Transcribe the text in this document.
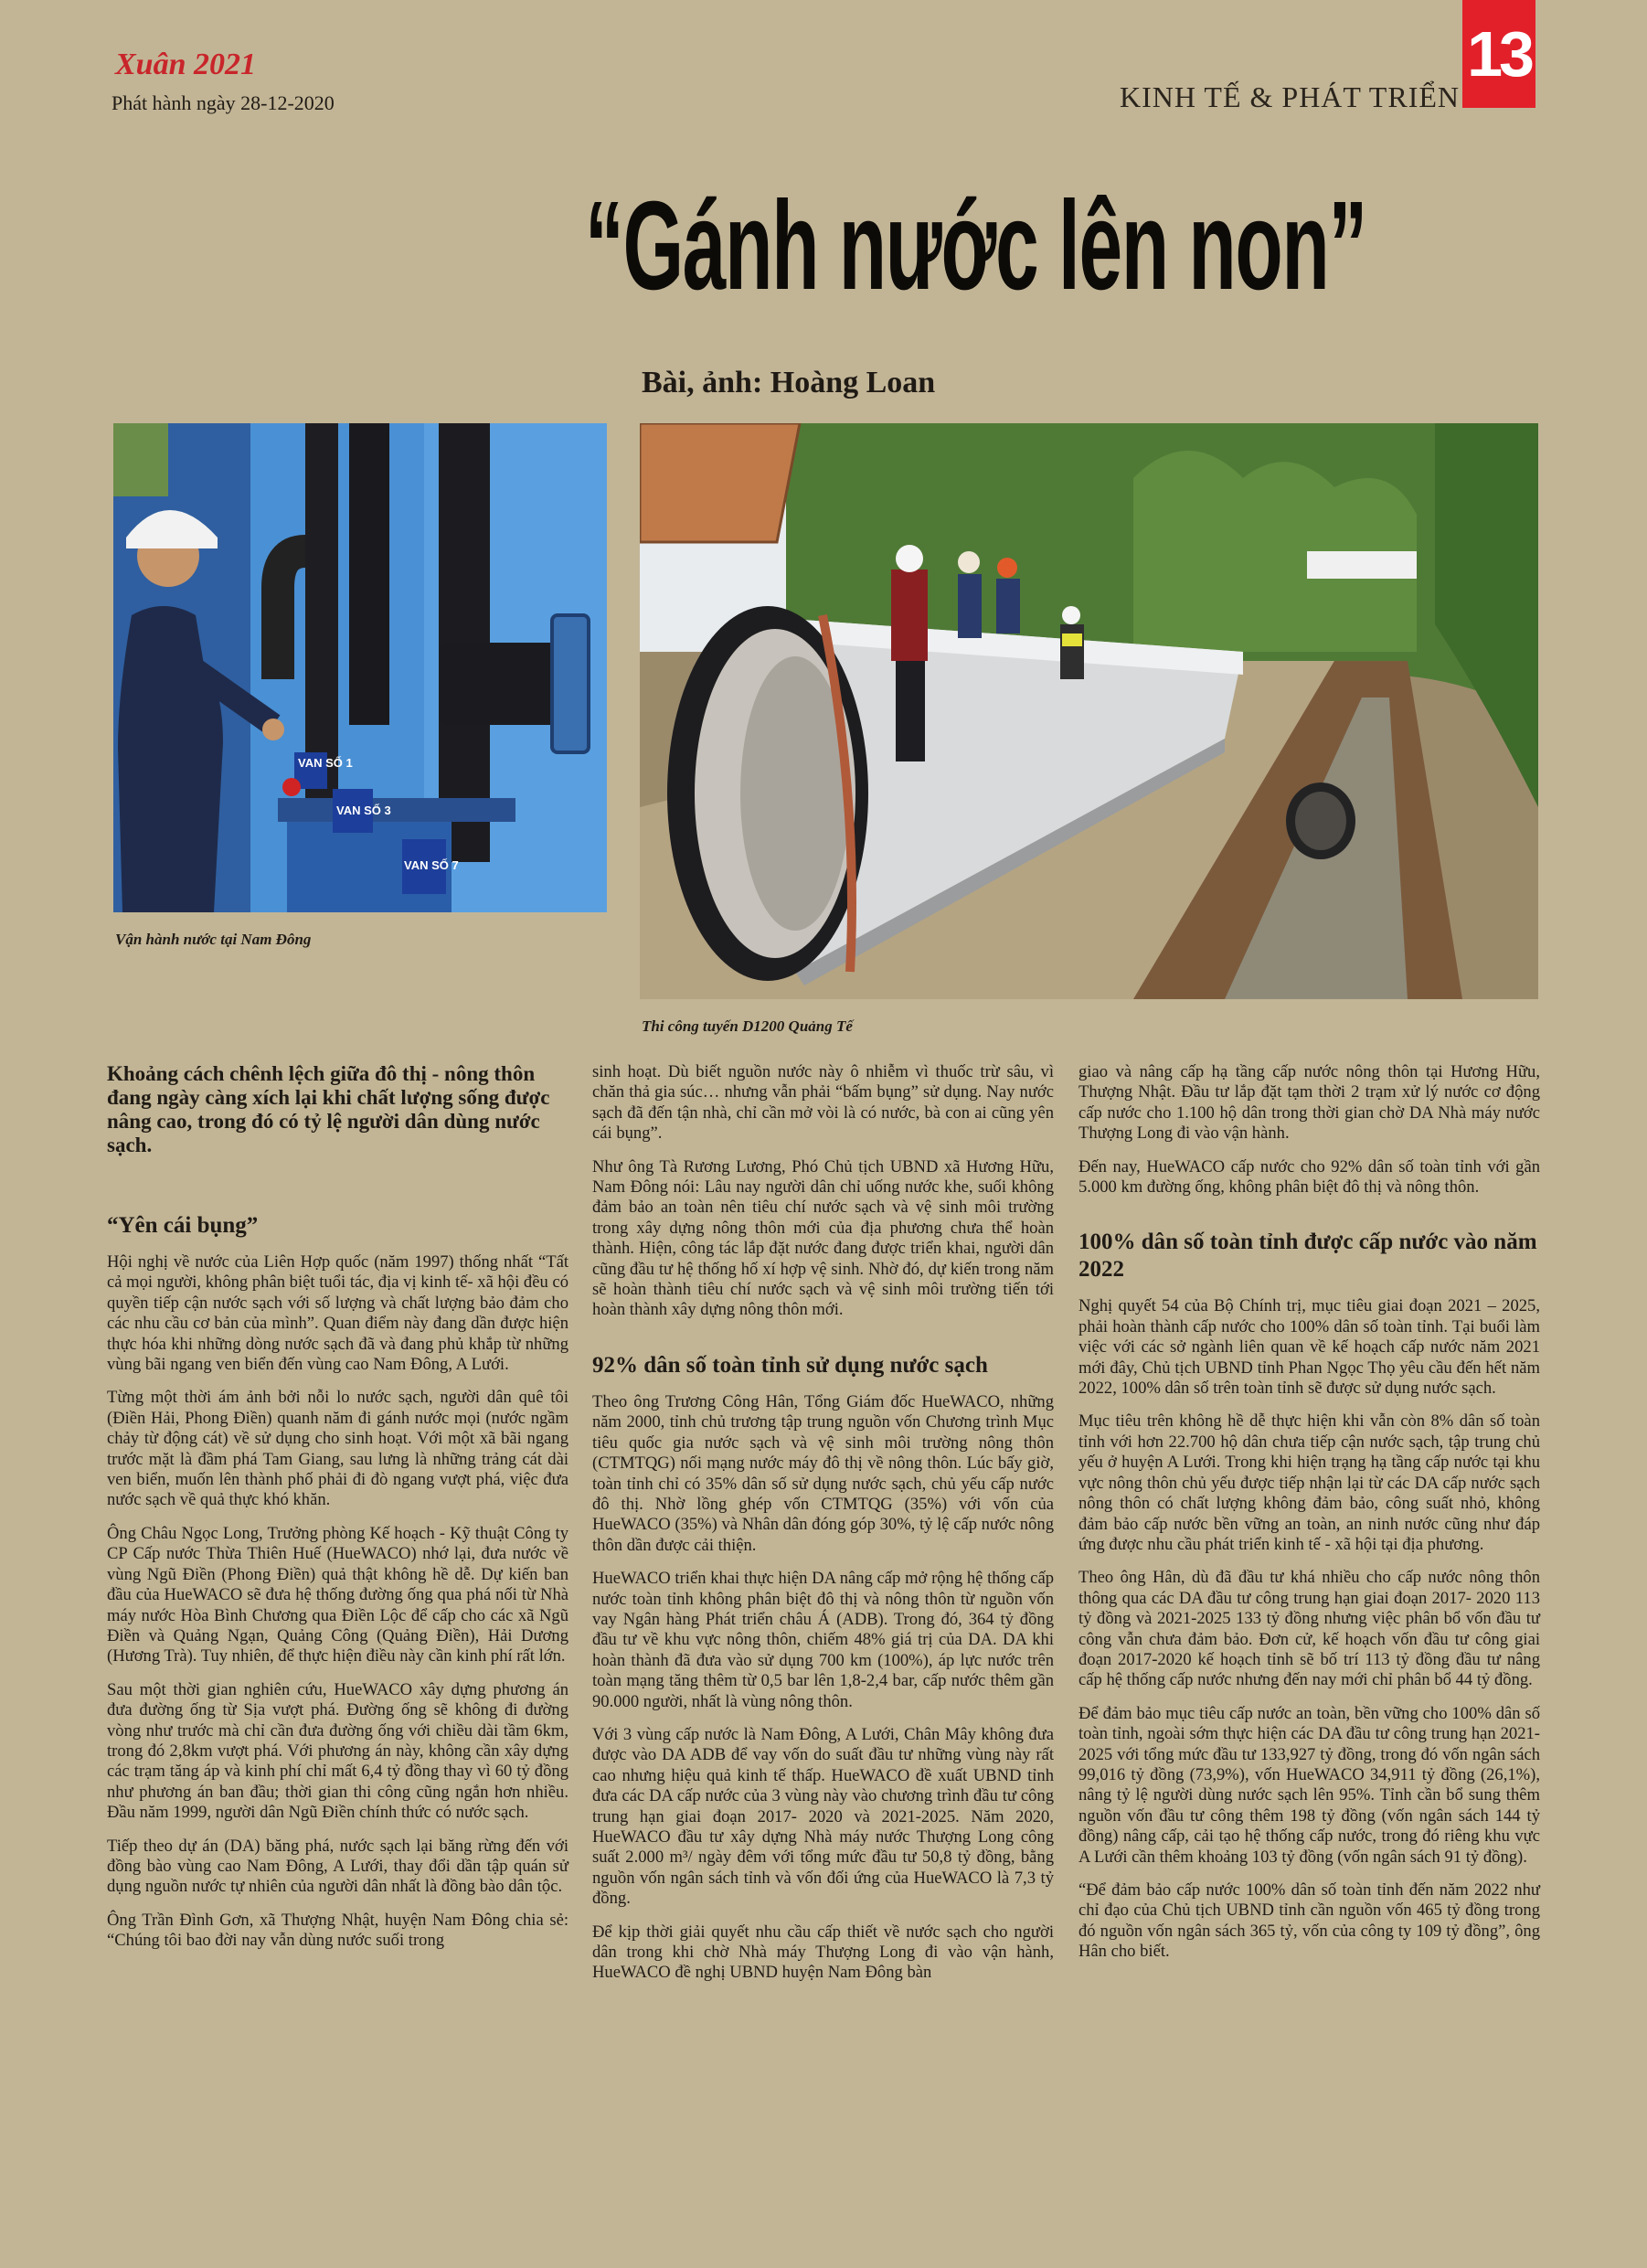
Xuân 2021
Phát hành ngày 28-12-2020	KINH TẾ & PHÁT TRIỂN
13
“Gánh nước lên non”
Bài, ảnh: Hoàng Loan
VAN SỐ 1
VAN SỐ 3
VAN SỐ 7
Vận hành nước tại Nam Đông
Thi công tuyến D1200 Quảng Tế

Khoảng cách chênh lệch giữa đô thị - nông thôn đang ngày càng xích lại khi chất lượng sống được nâng cao, trong đó có tỷ lệ người dân dùng nước sạch.

“Yên cái bụng”

Hội nghị về nước của Liên Hợp quốc (năm 1997) thống nhất “Tất cả mọi người, không phân biệt tuổi tác, địa vị kinh tế- xã hội đều có quyền tiếp cận nước sạch với số lượng và chất lượng bảo đảm cho các nhu cầu cơ bản của mình”. Quan điểm này đang dần được hiện thực hóa khi những dòng nước sạch đã và đang phủ khắp từ những vùng bãi ngang ven biển đến vùng cao Nam Đông, A Lưới.

Từng một thời ám ảnh bởi nỗi lo nước sạch, người dân quê tôi (Điền Hải, Phong Điền) quanh năm đi gánh nước mọi (nước ngầm chảy từ động cát) về sử dụng cho sinh hoạt. Với một xã bãi ngang trước mặt là đầm phá Tam Giang, sau lưng là những trảng cát dài ven biển, muốn lên thành phố phải đi đò ngang vượt phá, việc đưa nước sạch về quả thực khó khăn.

Ông Châu Ngọc Long, Trưởng phòng Kế hoạch - Kỹ thuật Công ty CP Cấp nước Thừa Thiên Huế (HueWACO) nhớ lại, đưa nước về vùng Ngũ Điền (Phong Điền) quả thật không hề dễ. Dự kiến ban đầu của HueWACO sẽ đưa hệ thống đường ống qua phá nối từ Nhà máy nước Hòa Bình Chương qua Điền Lộc để cấp cho các xã Ngũ Điền và Quảng Ngạn, Quảng Công (Quảng Điền), Hải Dương (Hương Trà). Tuy nhiên, để thực hiện điều này cần kinh phí rất lớn.

Sau một thời gian nghiên cứu, HueWACO xây dựng phương án đưa đường ống từ Sịa vượt phá. Đường ống sẽ không đi đường vòng như trước mà chỉ cần đưa đường ống với chiều dài tầm 6km, trong đó 2,8km vượt phá. Với phương án này, không cần xây dựng các trạm tăng áp và kinh phí chỉ mất 6,4 tỷ đồng thay vì 60 tỷ đồng như phương án ban đầu; thời gian thi công cũng ngắn hơn nhiều. Đầu năm 1999, người dân Ngũ Điền chính thức có nước sạch.

Tiếp theo dự án (DA) băng phá, nước sạch lại băng rừng đến với đồng bào vùng cao Nam Đông, A Lưới, thay đổi dần tập quán sử dụng nguồn nước tự nhiên của người dân nhất là đồng bào dân tộc.

Ông Trần Đình Gơn, xã Thượng Nhật, huyện Nam Đông chia sẻ: “Chúng tôi bao đời nay vẫn dùng nước suối trong

sinh hoạt. Dù biết nguồn nước này ô nhiễm vì thuốc trừ sâu, vì chăn thả gia súc… nhưng vẫn phải “bấm bụng” sử dụng. Nay nước sạch đã đến tận nhà, chỉ cần mở vòi là có nước, bà con ai cũng yên cái bụng”.

Như ông Tà Rương Lương, Phó Chủ tịch UBND xã Hương Hữu, Nam Đông nói: Lâu nay người dân chỉ uống nước khe, suối không đảm bảo an toàn nên tiêu chí nước sạch và vệ sinh môi trường trong xây dựng nông thôn mới của địa phương chưa thể hoàn thành. Hiện, công tác lắp đặt nước đang được triển khai, người dân cũng đầu tư hệ thống hố xí hợp vệ sinh. Nhờ đó, dự kiến trong năm sẽ hoàn thành tiêu chí nước sạch và vệ sinh môi trường tiến tới hoàn thành xây dựng nông thôn mới.

92% dân số toàn tỉnh sử dụng nước sạch

Theo ông Trương Công Hân, Tổng Giám đốc HueWACO, những năm 2000, tỉnh chủ trương tập trung nguồn vốn Chương trình Mục tiêu quốc gia nước sạch và vệ sinh môi trường nông thôn (CTMTQG) nối mạng nước máy đô thị về nông thôn. Lúc bấy giờ, toàn tỉnh chỉ có 35% dân số sử dụng nước sạch, chủ yếu cấp nước đô thị. Nhờ lồng ghép vốn CTMTQG (35%) với vốn của HueWACO (35%) và Nhân dân đóng góp 30%, tỷ lệ cấp nước nông thôn dần được cải thiện.

HueWACO triển khai thực hiện DA nâng cấp mở rộng hệ thống cấp nước toàn tỉnh không phân biệt đô thị và nông thôn từ nguồn vốn vay Ngân hàng Phát triển châu Á (ADB). Trong đó, 364 tỷ đồng đầu tư về khu vực nông thôn, chiếm 48% giá trị của DA. DA khi hoàn thành đã đưa vào sử dụng 700 km (100%), áp lực nước trên toàn mạng tăng thêm từ 0,5 bar lên 1,8-2,4 bar, cấp nước thêm gần 90.000 người, nhất là vùng nông thôn.

Với 3 vùng cấp nước là Nam Đông, A Lưới, Chân Mây không đưa được vào DA ADB để vay vốn do suất đầu tư những vùng này rất cao nhưng hiệu quả kinh tế thấp. HueWACO đề xuất UBND tỉnh đưa các DA cấp nước của 3 vùng này vào chương trình đầu tư công trung hạn giai đoạn 2017- 2020 và 2021-2025. Năm 2020, HueWACO đầu tư xây dựng Nhà máy nước Thượng Long công suất 2.000 m³/ ngày đêm với tổng mức đầu tư 50,8 tỷ đồng, bằng nguồn vốn ngân sách tỉnh và vốn đối ứng của HueWACO là 7,3 tỷ đồng.

Để kịp thời giải quyết nhu cầu cấp thiết về nước sạch cho người dân trong khi chờ Nhà máy Thượng Long đi vào vận hành, HueWACO đề nghị UBND huyện Nam Đông bàn

giao và nâng cấp hạ tầng cấp nước nông thôn tại Hương Hữu, Thượng Nhật. Đầu tư lắp đặt tạm thời 2 trạm xử lý nước cơ động cấp nước cho 1.100 hộ dân trong thời gian chờ DA Nhà máy nước Thượng Long đi vào vận hành.

Đến nay, HueWACO cấp nước cho 92% dân số toàn tỉnh với gần 5.000 km đường ống, không phân biệt đô thị và nông thôn.

100% dân số toàn tỉnh được cấp nước vào năm 2022

Nghị quyết 54 của Bộ Chính trị, mục tiêu giai đoạn 2021 – 2025, phải hoàn thành cấp nước cho 100% dân số toàn tỉnh. Tại buổi làm việc với các sở ngành liên quan về kế hoạch cấp nước năm 2021 mới đây, Chủ tịch UBND tỉnh Phan Ngọc Thọ yêu cầu đến hết năm 2022, 100% dân số trên toàn tỉnh sẽ được sử dụng nước sạch.

Mục tiêu trên không hề dễ thực hiện khi vẫn còn 8% dân số toàn tỉnh với hơn 22.700 hộ dân chưa tiếp cận nước sạch, tập trung chủ yếu ở huyện A Lưới. Trong khi hiện trạng hạ tầng cấp nước tại khu vực nông thôn chủ yếu được tiếp nhận lại từ các DA cấp nước sạch nông thôn có chất lượng không đảm bảo, công suất nhỏ, không đảm bảo cấp nước bền vững an toàn, an ninh nước cũng như đáp ứng được nhu cầu phát triển kinh tế - xã hội tại địa phương.

Theo ông Hân, dù đã đầu tư khá nhiều cho cấp nước nông thôn thông qua các DA đầu tư công trung hạn giai đoạn 2017- 2020 113 tỷ đồng và 2021-2025 133 tỷ đồng nhưng việc phân bổ vốn đầu tư công vẫn chưa đảm bảo. Đơn cử, kế hoạch vốn đầu tư công giai đoạn 2017-2020 kế hoạch tỉnh sẽ bố trí 113 tỷ đồng đầu tư nâng cấp hệ thống cấp nước nhưng đến nay mới chỉ phân bổ 44 tỷ đồng.

Để đảm bảo mục tiêu cấp nước an toàn, bền vững cho 100% dân số toàn tỉnh, ngoài sớm thực hiện các DA đầu tư công trung hạn 2021-2025 với tổng mức đầu tư 133,927 tỷ đồng, trong đó vốn ngân sách 99,016 tỷ đồng (73,9%), vốn HueWACO 34,911 tỷ đồng (26,1%), nâng tỷ lệ người dùng nước sạch lên 95%. Tỉnh cần bổ sung thêm nguồn vốn đầu tư công thêm 198 tỷ đồng (vốn ngân sách 144 tỷ đồng) nâng cấp, cải tạo hệ thống cấp nước, trong đó riêng khu vực A Lưới cần thêm khoảng 103 tỷ đồng (vốn ngân sách 91 tỷ đồng).

“Để đảm bảo cấp nước 100% dân số toàn tỉnh đến năm 2022 như chỉ đạo của Chủ tịch UBND tỉnh cần nguồn vốn 465 tỷ đồng trong đó nguồn vốn ngân sách 365 tỷ, vốn của công ty 109 tỷ đồng”, ông Hân cho biết.
